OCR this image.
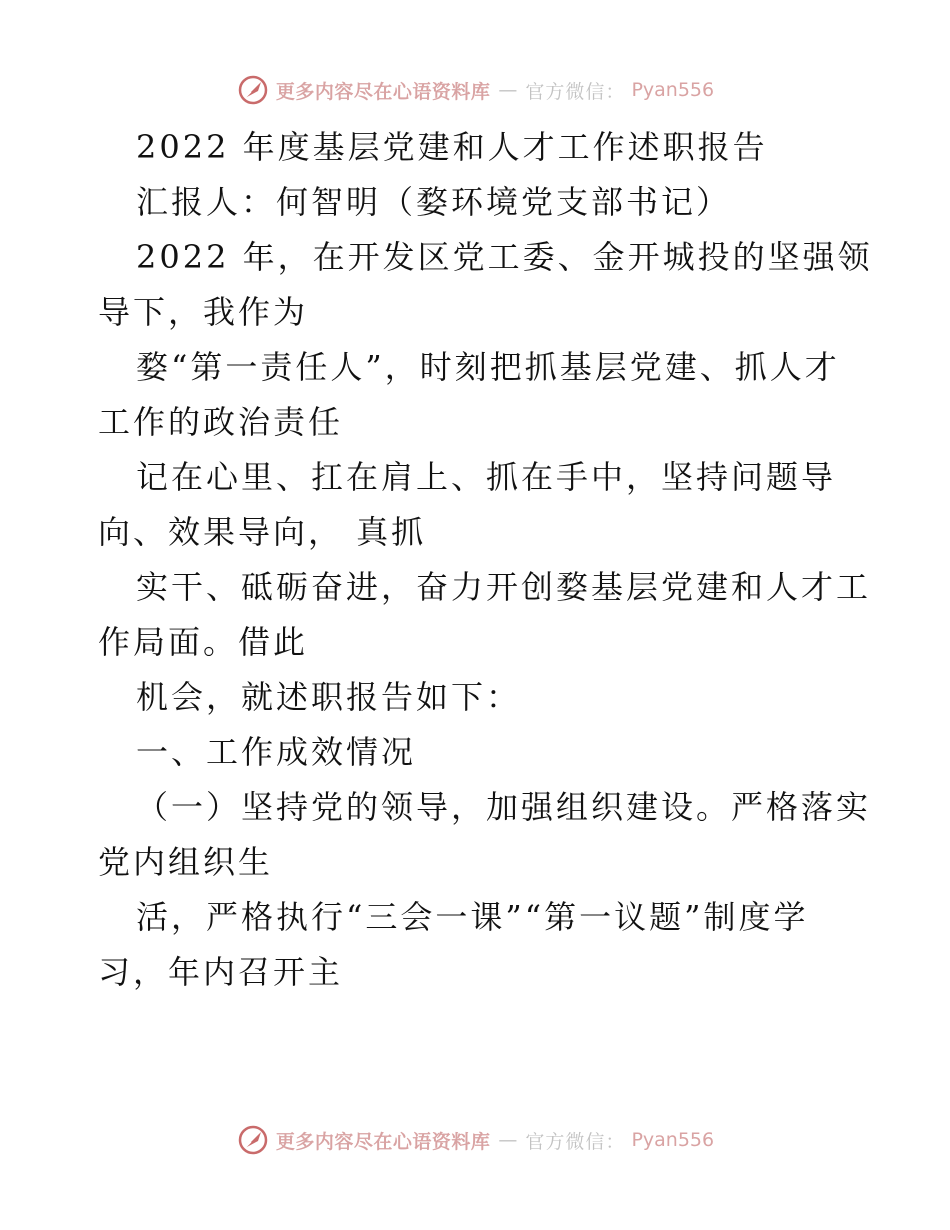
更多内容尽在心语资料库 — 官方微信： Pyan556
2022 年度基层党建和人才工作述职报告
汇报人：何智明（婺环境党支部书记）
2022 年，在开发区党工委、金开城投的坚强领
导下，我作为
婺“第一责任人”，时刻把抓基层党建、抓人才
工作的政治责任
记在心里、扛在肩上、抓在手中，坚持问题导
向、效果导向， 真抓
实干、砥砺奋进，奋力开创婺基层党建和人才工
作局面。借此
机会，就述职报告如下：
一、工作成效情况
（一）坚持党的领导，加强组织建设。严格落实
党内组织生
活，严格执行“三会一课”“第一议题”制度学
习，年内召开主
更多内容尽在心语资料库 — 官方微信： Pyan556
